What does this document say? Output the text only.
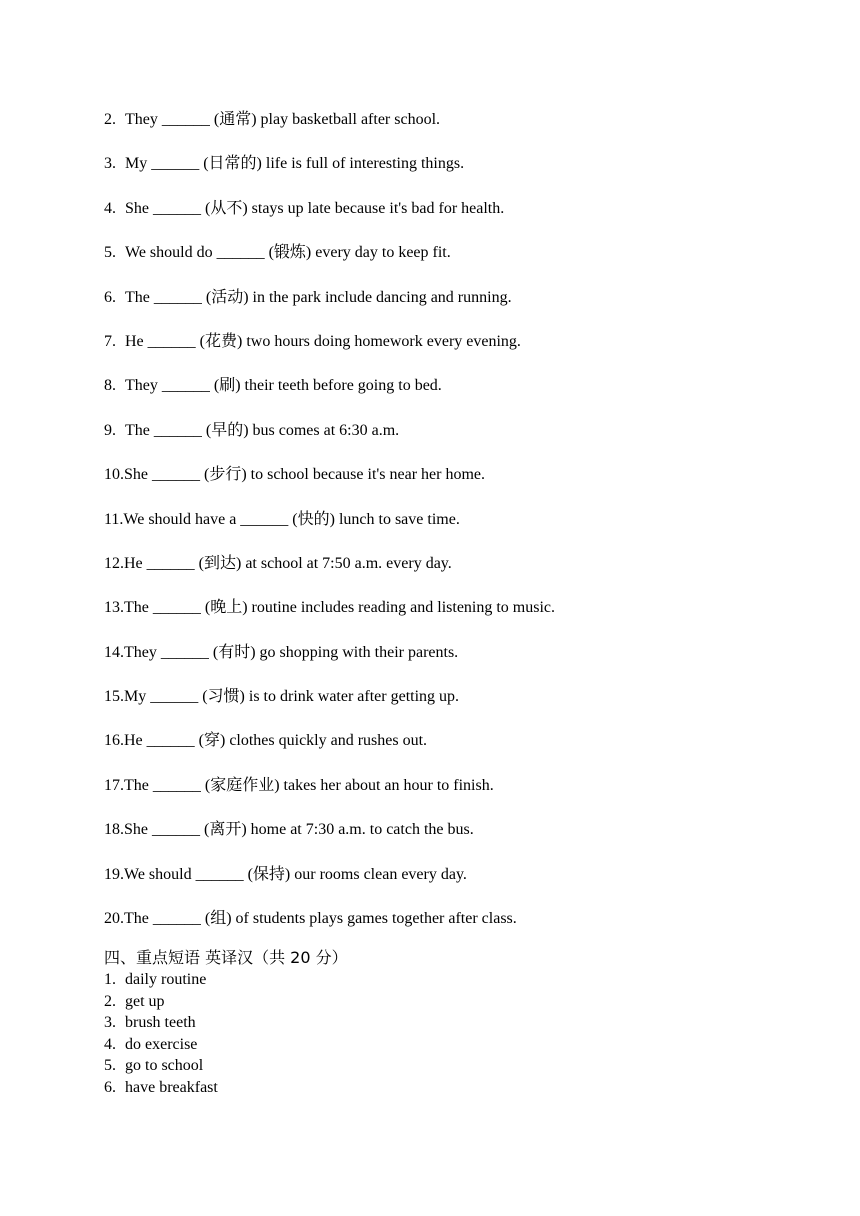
2. They ______ (通常) play basketball after school.
3. My ______ (日常的) life is full of interesting things.
4. She ______ (从不) stays up late because it's bad for health.
5. We should do ______ (锻炼) every day to keep fit.
6. The ______ (活动) in the park include dancing and running.
7. He ______ (花费) two hours doing homework every evening.
8. They ______ (刷) their teeth before going to bed.
9. The ______ (早的) bus comes at 6:30 a.m.
10.She ______ (步行) to school because it's near her home.
11.We should have a ______ (快的) lunch to save time.
12.He ______ (到达) at school at 7:50 a.m. every day.
13.The ______ (晚上) routine includes reading and listening to music.
14.They ______ (有时) go shopping with their parents.
15.My ______ (习惯) is to drink water after getting up.
16.He ______ (穿) clothes quickly and rushes out.
17.The ______ (家庭作业) takes her about an hour to finish.
18.She ______ (离开) home at 7:30 a.m. to catch the bus.
19.We should ______ (保持) our rooms clean every day.
20.The ______ (组) of students plays games together after class.
四、重点短语 英译汉（共 20 分）
1. daily routine
2. get up
3. brush teeth
4. do exercise
5. go to school
6. have breakfast
